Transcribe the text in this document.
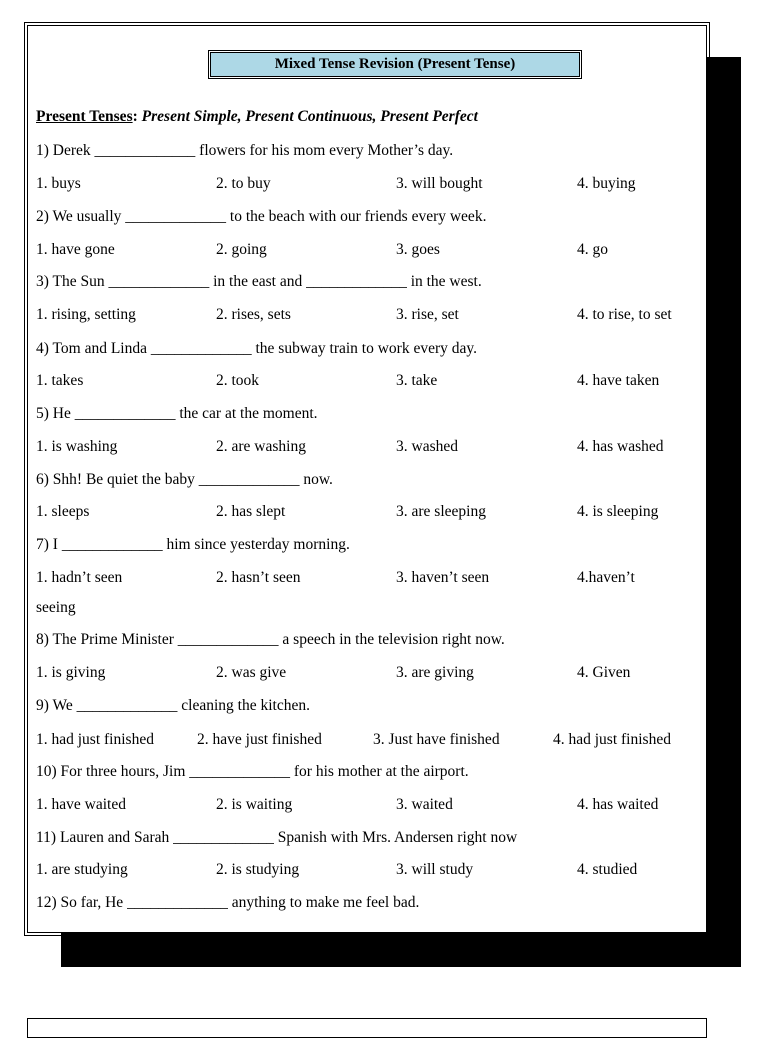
Mixed Tense Revision (Present Tense)
Present Tenses: Present Simple, Present Continuous, Present Perfect
1) Derek _____________ flowers for his mom every Mother’s day.
1. buys	2. to buy	3. will bought	4. buying
2) We usually _____________ to the beach with our friends every week.
1. have gone	2. going	3. goes	4. go
3) The Sun _____________ in the east and _____________ in the west.
1. rising, setting	2. rises, sets	3. rise, set	4. to rise, to set
4) Tom and Linda _____________ the subway train to work every day.
1. takes	2. took	3. take	4. have taken
5) He _____________ the car at the moment.
1. is washing	2. are washing	3. washed	4. has washed
6) Shh! Be quiet the baby _____________ now.
1. sleeps	2. has slept	3. are sleeping	4. is sleeping
7) I _____________ him since yesterday morning.
1. hadn’t seen	2. hasn’t seen	3. haven’t seen	4.haven’t
seeing
8) The Prime Minister _____________ a speech in the television right now.
1. is giving	2. was give	3. are giving	4. Given
9) We _____________ cleaning the kitchen.
1. had just finished	2. have just finished	3. Just have finished	4. had just finished
10) For three hours, Jim _____________ for his mother at the airport.
1. have waited	2. is waiting	3. waited	4. has waited
11) Lauren and Sarah _____________ Spanish with Mrs. Andersen right now
1. are studying	2. is studying	3. will study	4. studied
12) So far, He _____________ anything to make me feel bad.
